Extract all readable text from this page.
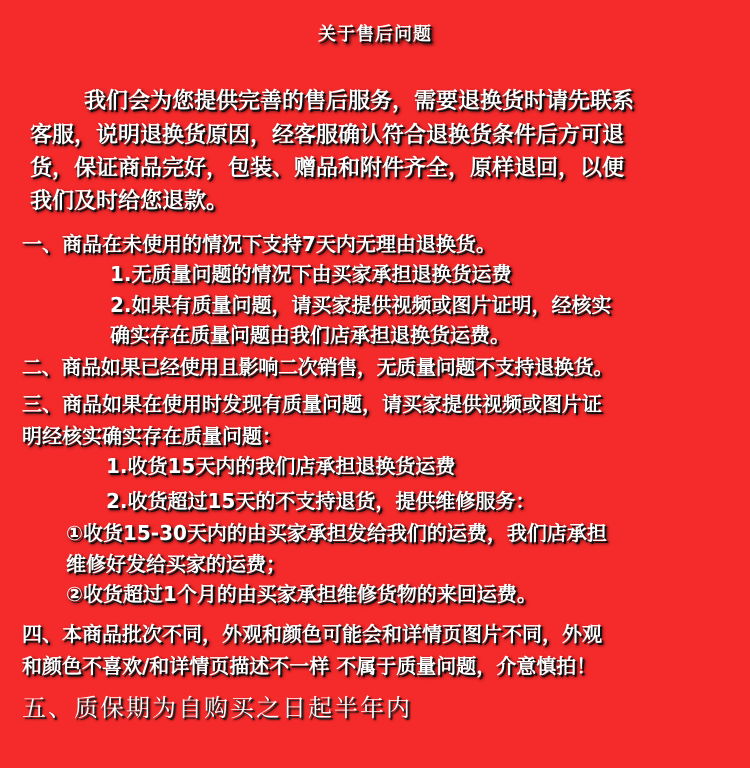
关于售后问题
我们会为您提供完善的售后服务，需要退换货时请先联系
客服，说明退换货原因，经客服确认符合退换货条件后方可退
货，保证商品完好，包装、赠品和附件齐全，原样退回，以便
我们及时给您退款。
一、商品在未使用的情况下支持7天内无理由退换货。
1.无质量问题的情况下由买家承担退换货运费
2.如果有质量问题，请买家提供视频或图片证明，经核实
确实存在质量问题由我们店承担退换货运费。
二、商品如果已经使用且影响二次销售，无质量问题不支持退换货。
三、商品如果在使用时发现有质量问题，请买家提供视频或图片证
明经核实确实存在质量问题：
1.收货15天内的我们店承担退换货运费
2.收货超过15天的不支持退货，提供维修服务：
①收货15-30天内的由买家承担发给我们的运费，我们店承担
维修好发给买家的运费；
②收货超过1个月的由买家承担维修货物的来回运费。
四、本商品批次不同，外观和颜色可能会和详情页图片不同，外观
和颜色不喜欢/和详情页描述不一样 不属于质量问题，介意慎拍！
五、质保期为自购买之日起半年内
